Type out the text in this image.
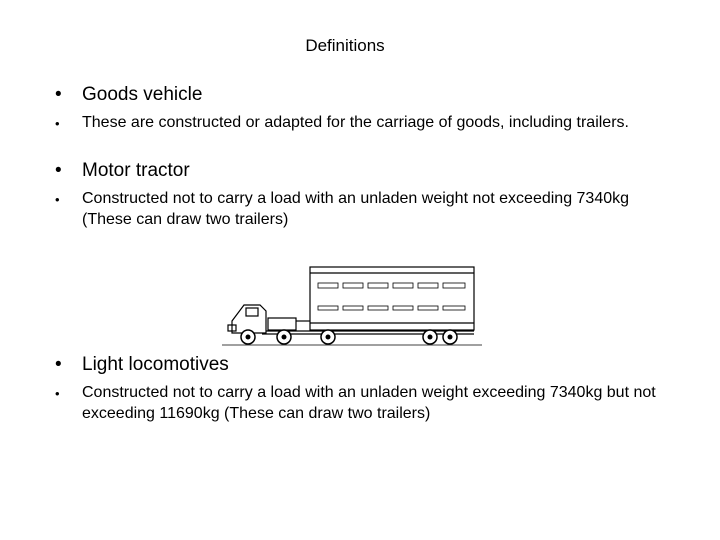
Definitions
• Goods vehicle
• These are constructed or adapted for the carriage of goods, including trailers.
• Motor tractor
• Constructed not to carry a load with an unladen weight not exceeding 7340kg (These can draw two trailers)
• Light locomotives
• Constructed not to carry a load with an unladen weight exceeding 7340kg but not exceeding 11690kg (These can draw two trailers)
